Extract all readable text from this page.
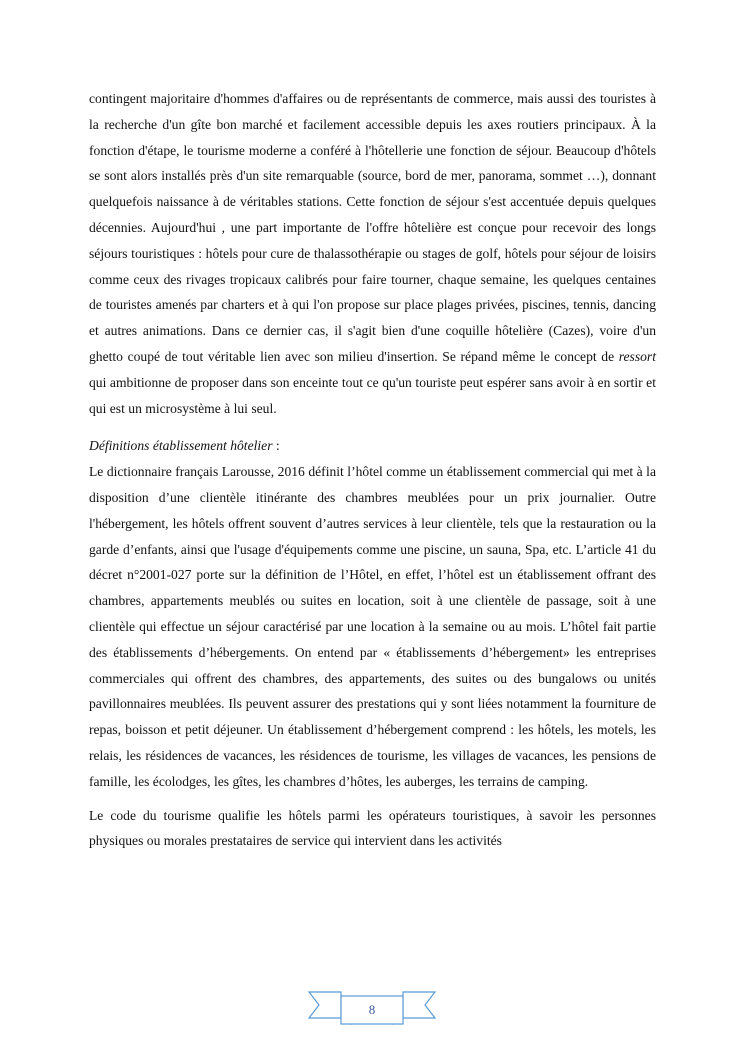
contingent majoritaire d'hommes d'affaires ou de représentants de commerce, mais aussi des touristes à la recherche d'un gîte bon marché et facilement accessible depuis les axes routiers principaux. À la fonction d'étape, le tourisme moderne a conféré à l'hôtellerie une fonction de séjour. Beaucoup d'hôtels se sont alors installés près d'un site remarquable (source, bord de mer, panorama, sommet …), donnant quelquefois naissance à de véritables stations. Cette fonction de séjour s'est accentuée depuis quelques décennies. Aujourd'hui , une part importante de l'offre hôtelière est conçue pour recevoir des longs séjours touristiques : hôtels pour cure de thalassothérapie ou stages de golf, hôtels pour séjour de loisirs comme ceux des rivages tropicaux calibrés pour faire tourner, chaque semaine, les quelques centaines de touristes amenés par charters et à qui l'on propose sur place plages privées, piscines, tennis, dancing et autres animations. Dans ce dernier cas, il s'agit bien d'une coquille hôtelière (Cazes), voire d'un ghetto coupé de tout véritable lien avec son milieu d'insertion. Se répand même le concept de ressort qui ambitionne de proposer dans son enceinte tout ce qu'un touriste peut espérer sans avoir à en sortir et qui est un microsystème à lui seul.

Définitions établissement hôtelier :

Le dictionnaire français Larousse, 2016 définit l’hôtel comme un établissement commercial qui met à la disposition d’une clientèle itinérante des chambres meublées pour un prix journalier. Outre l'hébergement, les hôtels offrent souvent d’autres services à leur clientèle, tels que la restauration ou la garde d’enfants, ainsi que l'usage d'équipements comme une piscine, un sauna, Spa, etc. L’article 41 du décret n°2001-027 porte sur la définition de l’Hôtel, en effet, l’hôtel est un établissement offrant des chambres, appartements meublés ou suites en location, soit à une clientèle de passage, soit à une clientèle qui effectue un séjour caractérisé par une location à la semaine ou au mois. L’hôtel fait partie des établissements d’hébergements. On entend par « établissements d’hébergement» les entreprises commerciales qui offrent des chambres, des appartements, des suites ou des bungalows ou unités pavillonnaires meublées. Ils peuvent assurer des prestations qui y sont liées notamment la fourniture de repas, boisson et petit déjeuner. Un établissement d’hébergement comprend : les hôtels, les motels, les relais, les résidences de vacances, les résidences de tourisme, les villages de vacances, les pensions de famille, les écolodges, les gîtes, les chambres d’hôtes, les auberges, les terrains de camping.

Le code du tourisme qualifie les hôtels parmi les opérateurs touristiques, à savoir les personnes physiques ou morales prestataires de service qui intervient dans les activités

8
